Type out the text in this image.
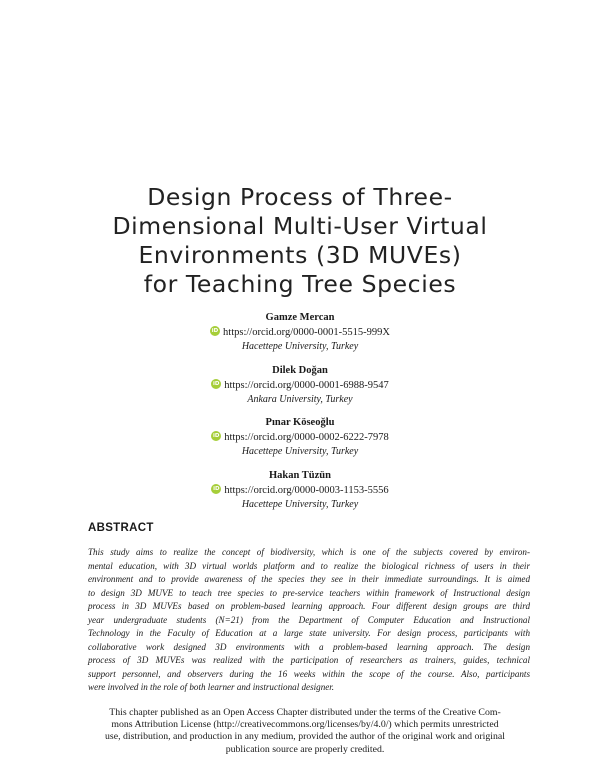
Design Process of Three-
Dimensional Multi-User Virtual
Environments (3D MUVEs)
for Teaching Tree Species
Gamze Mercan
iDhttps://orcid.org/0000-0001-5515-999X
Hacettepe University, Turkey
Dilek Doğan
iDhttps://orcid.org/0000-0001-6988-9547
Ankara University, Turkey
Pınar Köseoğlu
iDhttps://orcid.org/0000-0002-6222-7978
Hacettepe University, Turkey
Hakan Tüzün
iDhttps://orcid.org/0000-0003-1153-5556
Hacettepe University, Turkey
ABSTRACT
This study aims to realize the concept of biodiversity, which is one of the subjects covered by environ-
mental education, with 3D virtual worlds platform and to realize the biological richness of users in their
environment and to provide awareness of the species they see in their immediate surroundings. It is aimed
to design 3D MUVE to teach tree species to pre-service teachers within framework of Instructional design
process in 3D MUVEs based on problem-based learning approach. Four different design groups are third
year undergraduate students (N=21) from the Department of Computer Education and Instructional
Technology in the Faculty of Education at a large state university. For design process, participants with
collaborative work designed 3D environments with a problem-based learning approach. The design
process of 3D MUVEs was realized with the participation of researchers as trainers, guides, technical
support personnel, and observers during the 16 weeks within the scope of the course. Also, participants
were involved in the role of both learner and instructional designer.
This chapter published as an Open Access Chapter distributed under the terms of the Creative Com-
mons Attribution License (http://creativecommons.org/licenses/by/4.0/) which permits unrestricted
use, distribution, and production in any medium, provided the author of the original work and original
publication source are properly credited.
